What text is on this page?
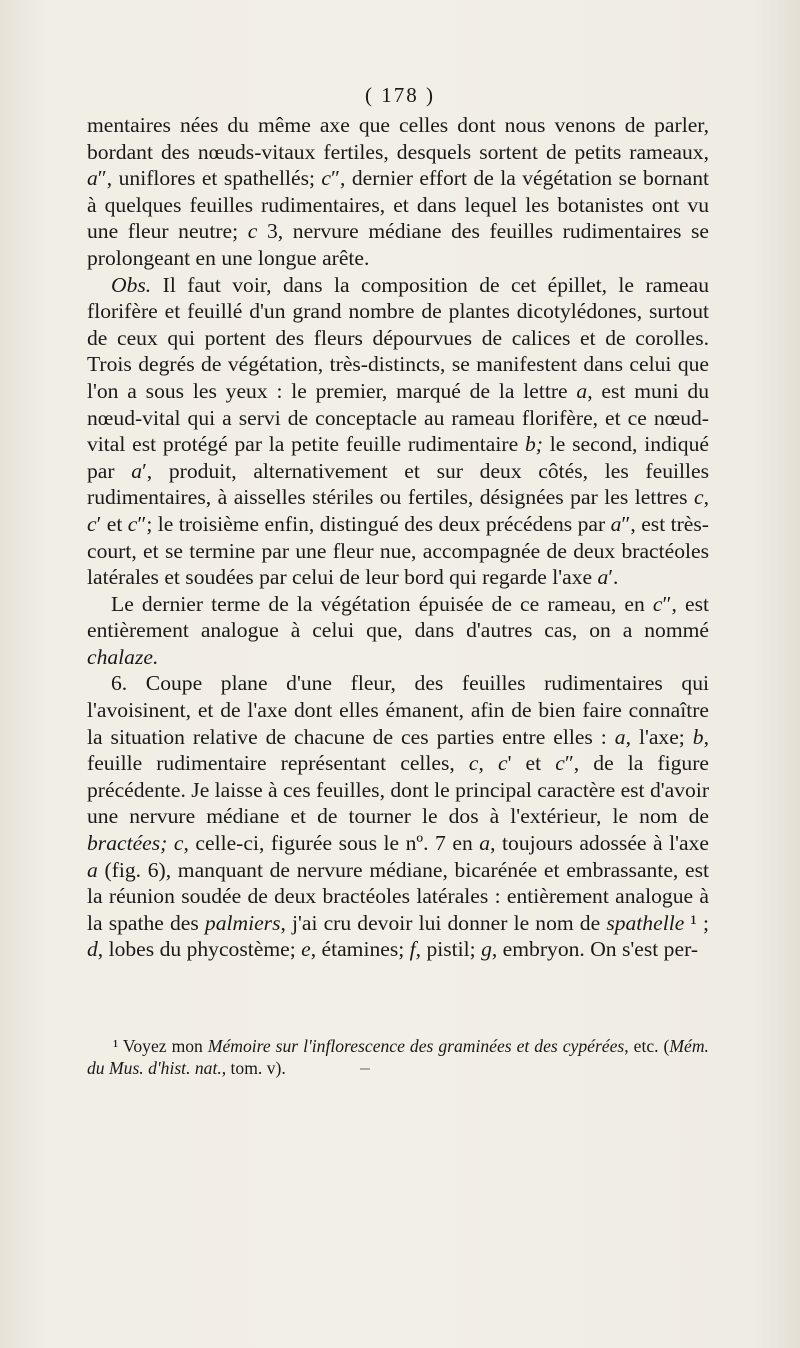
( 178 )

mentaires nées du même axe que celles dont nous venons de parler, bordant des nœuds-vitaux fertiles, desquels sortent de petits rameaux, a″, uniflores et spathellés; c″, dernier effort de la végétation se bornant à quelques feuilles rudimentaires, et dans lequel les botanistes ont vu une fleur neutre; c 3, nervure médiane des feuilles rudimentaires se prolongeant en une longue arête.

Obs. Il faut voir, dans la composition de cet épillet, le rameau florifère et feuillé d'un grand nombre de plantes dicotylédones, surtout de ceux qui portent des fleurs dépourvues de calices et de corolles. Trois degrés de végétation, très-distincts, se manifestent dans celui que l'on a sous les yeux : le premier, marqué de la lettre a, est muni du nœud-vital qui a servi de conceptacle au rameau florifère, et ce nœud-vital est protégé par la petite feuille rudimentaire b; le second, indiqué par a′, produit, alternativement et sur deux côtés, les feuilles rudimentaires, à aisselles stériles ou fertiles, désignées par les lettres c, c′ et c″; le troisième enfin, distingué des deux précédens par a″, est très-court, et se termine par une fleur nue, accompagnée de deux bractéoles latérales et soudées par celui de leur bord qui regarde l'axe a′.

Le dernier terme de la végétation épuisée de ce rameau, en c″, est entièrement analogue à celui que, dans d'autres cas, on a nommé chalaze.

6. Coupe plane d'une fleur, des feuilles rudimentaires qui l'avoisinent, et de l'axe dont elles émanent, afin de bien faire connaître la situation relative de chacune de ces parties entre elles : a, l'axe; b, feuille rudimentaire représentant celles, c, c' et c″, de la figure précédente. Je laisse à ces feuilles, dont le principal caractère est d'avoir une nervure médiane et de tourner le dos à l'extérieur, le nom de bractées; c, celle-ci, figurée sous le nº. 7 en a, toujours adossée à l'axe a (fig. 6), manquant de nervure médiane, bicarénée et embrassante, est la réunion soudée de deux bractéoles latérales : entièrement analogue à la spathe des palmiers, j'ai cru devoir lui donner le nom de spathelle ¹ ; d, lobes du phycostème; e, étamines; f, pistil; g, embryon. On s'est per-

¹ Voyez mon Mémoire sur l'inflorescence des graminées et des cypérées, etc. (Mém. du Mus. d'hist. nat., tom. v).
